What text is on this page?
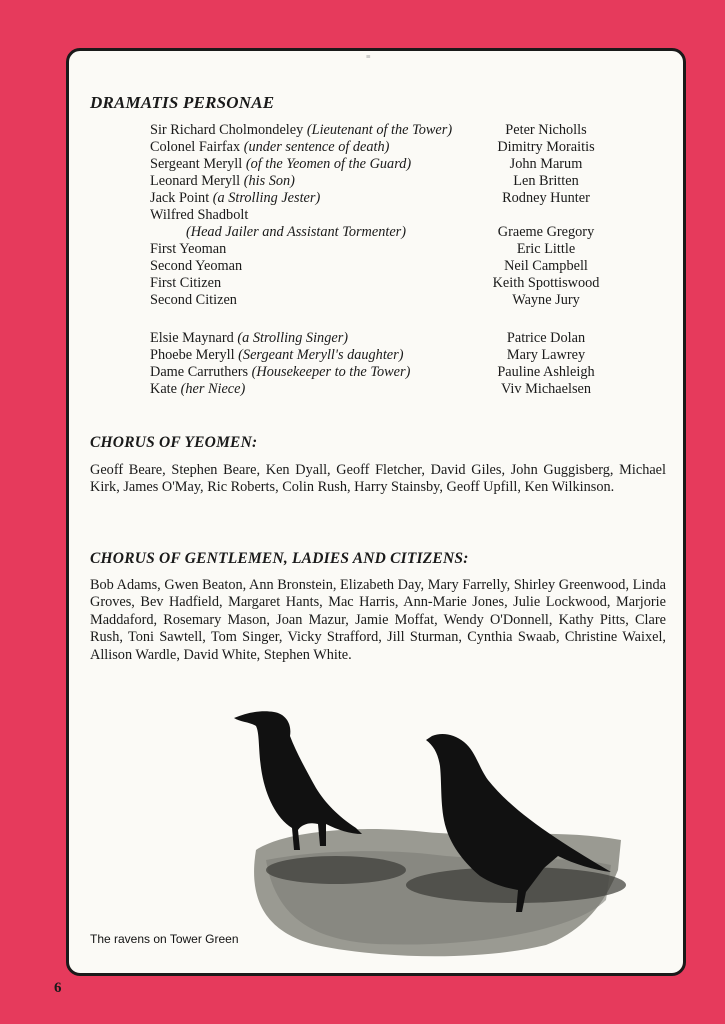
≡
DRAMATIS PERSONAE
Sir Richard Cholmondeley (Lieutenant of the Tower)	Peter Nicholls
Colonel Fairfax (under sentence of death)	Dimitry Moraitis
Sergeant Meryll (of the Yeomen of the Guard)	John Marum
Leonard Meryll (his Son)	Len Britten
Jack Point (a Strolling Jester)	Rodney Hunter
Wilfred Shadbolt
(Head Jailer and Assistant Tormenter)	Graeme Gregory
First Yeoman	Eric Little
Second Yeoman	Neil Campbell
First Citizen	Keith Spottiswood
Second Citizen	Wayne Jury
Elsie Maynard (a Strolling Singer)	Patrice Dolan
Phoebe Meryll (Sergeant Meryll's daughter)	Mary Lawrey
Dame Carruthers (Housekeeper to the Tower)	Pauline Ashleigh
Kate (her Niece)	Viv Michaelsen
CHORUS OF YEOMEN:
Geoff Beare, Stephen Beare, Ken Dyall, Geoff Fletcher, David Giles, John Guggisberg, Michael Kirk, James O'May, Ric Roberts, Colin Rush, Harry Stainsby, Geoff Upfill, Ken Wilkinson.
CHORUS OF GENTLEMEN, LADIES AND CITIZENS:
Bob Adams, Gwen Beaton, Ann Bronstein, Elizabeth Day, Mary Farrelly, Shirley Greenwood, Linda Groves, Bev Hadfield, Margaret Hants, Mac Harris, Ann-Marie Jones, Julie Lockwood, Marjorie Maddaford, Rosemary Mason, Joan Mazur, Jamie Moffat, Wendy O'Donnell, Kathy Pitts, Clare Rush, Toni Sawtell, Tom Singer, Vicky Strafford, Jill Sturman, Cynthia Swaab, Christine Waixel, Allison Wardle, David White, Stephen White.
The ravens on Tower Green
6
